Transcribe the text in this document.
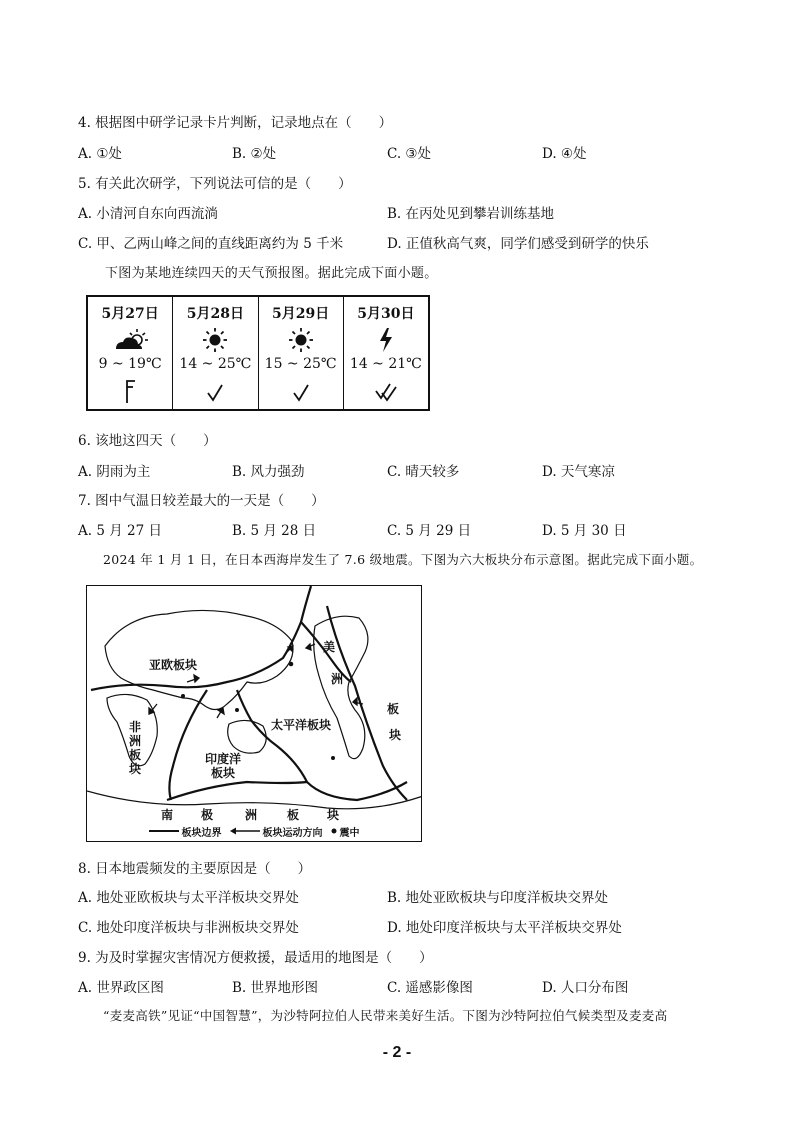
4. 根据图中研学记录卡片判断，记录地点在（　　）
A. ①处	B. ②处	C. ③处	D. ④处
5. 有关此次研学，下列说法可信的是（　　）
A. 小清河自东向西流淌	B. 在丙处见到攀岩训练基地
C. 甲、乙两山峰之间的直线距离约为 5 千米	D. 正值秋高气爽，同学们感受到研学的快乐
下图为某地连续四天的天气预报图。据此完成下面小题。
5月27日
9 ~ 19℃
5月28日
14 ~ 25℃
5月29日
15 ~ 25℃
5月30日
14 ~ 21℃
6. 该地这四天（　　）
A. 阴雨为主	B. 风力强劲	C. 晴天较多	D. 天气寒凉
7. 图中气温日较差最大的一天是（　　）
A. 5 月 27 日	B. 5 月 28 日	C. 5 月 29 日	D. 5 月 30 日
2024 年 1 月 1 日，在日本西海岸发生了 7.6 级地震。下图为六大板块分布示意图。据此完成下面小题。
亚欧板块
非
洲
板
块
太平洋板块
印度洋
板块
美
洲
板
块
南 极	洲 板 块
板块边界	板块运动方向 震中
8. 日本地震频发的主要原因是（　　）
A. 地处亚欧板块与太平洋板块交界处	B. 地处亚欧板块与印度洋板块交界处
C. 地处印度洋板块与非洲板块交界处	D. 地处印度洋板块与太平洋板块交界处
9. 为及时掌握灾害情况方便救援，最适用的地图是（　　）
A. 世界政区图	B. 世界地形图	C. 遥感影像图	D. 人口分布图
“麦麦高铁”见证“中国智慧”，为沙特阿拉伯人民带来美好生活。下图为沙特阿拉伯气候类型及麦麦高
- 2 -
